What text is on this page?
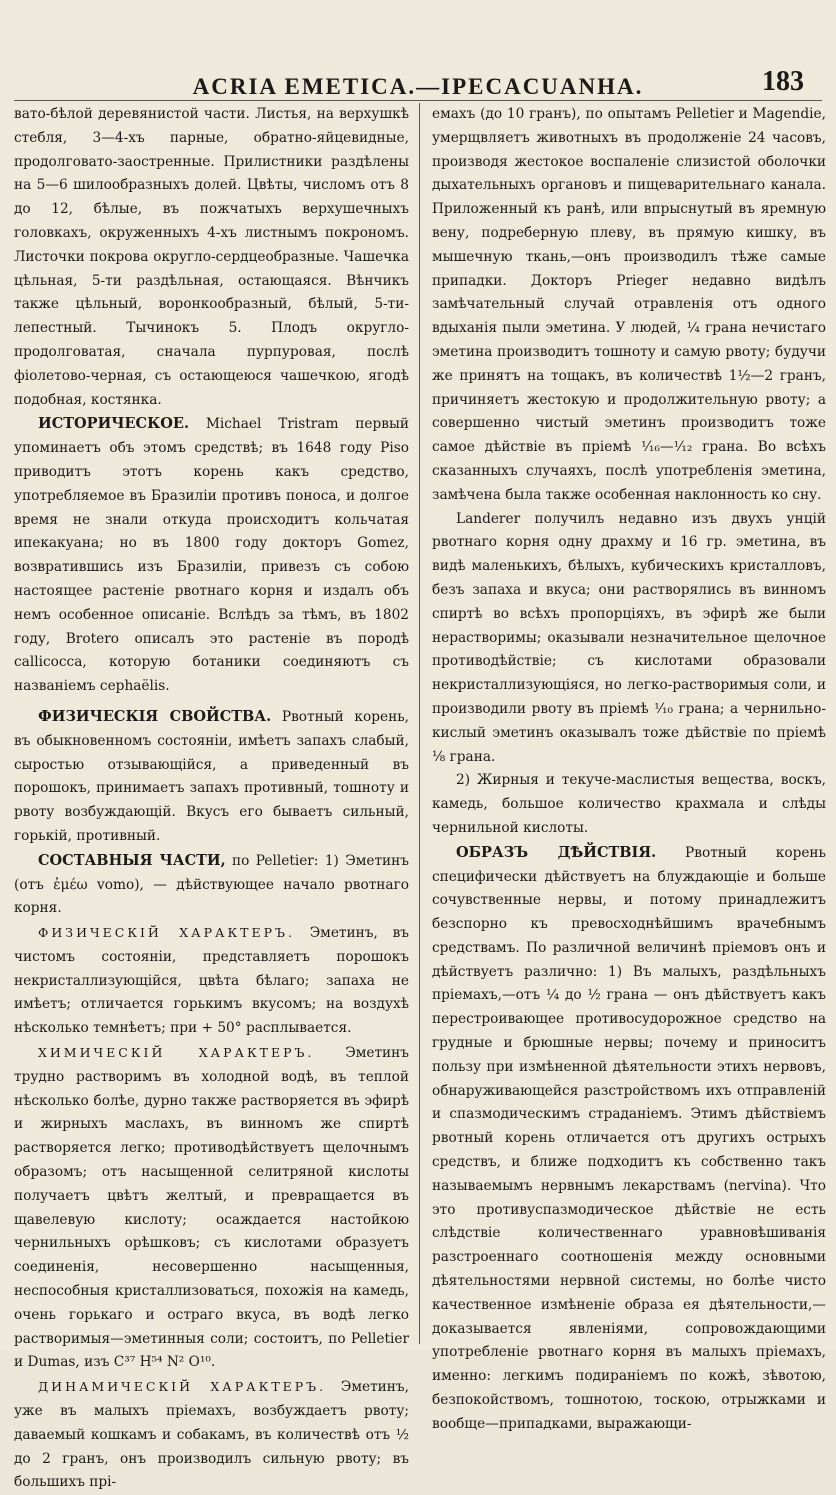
ACRIA EMETICA.—IPECACUANHA.	183

вато-бѣлой деревянистой части. Листья, на верхушкѣ стебля, 3—4-хъ парные, обратно-яйцевидные, продолговато-заостренные. Прилистники раздѣлены на 5—6 шилообразныхъ долей. Цвѣты, числомъ отъ 8 до 12, бѣлые, въ пожчатыхъ верхушечныхъ головкахъ, окруженныхъ 4-хъ листнымъ покрономъ. Листочки покрова округло-сердцеобразные. Чашечка цѣльная, 5-ти раздѣльная, остающаяся. Вѣнчикъ также цѣльный, воронкообразный, бѣлый, 5-ти-лепестный. Тычинокъ 5. Плодъ округло-продолговатая, сначала пурпуровая, послѣ фіолетово-черная, съ остающеюся чашечкою, ягодѣ подобная, костянка.

ИСТОРИЧЕСКОЕ. Michael Tristram первый упоминаетъ объ этомъ средствѣ; въ 1648 году Piso приводитъ этотъ корень какъ средство, употребляемое въ Бразиліи противъ поноса, и долгое время не знали откуда происходитъ кольчатая ипекакуана; но въ 1800 году докторъ Gomez, возвратившись изъ Бразиліи, привезъ съ собою настоящее растеніе рвотнаго корня и издалъ объ немъ особенное описаніе. Вслѣдъ за тѣмъ, въ 1802 году, Brotero описалъ это растеніе въ породѣ callicocca, которую ботаники соединяютъ съ названіемъ cephaëlis.

ФИЗИЧЕСКІЯ СВОЙСТВА. Рвотный корень, въ обыкновенномъ состояніи, имѣетъ запахъ слабый, сыростью отзывающійся, а приведенный въ порошокъ, принимаетъ запахъ противный, тошноту и рвоту возбуждающій. Вкусъ его бываетъ сильный, горькій, противный.

СОСТАВНЫЯ ЧАСТИ, по Pelletier: 1) Эметинъ (отъ ἐμέω vomo), — дѣйствующее начало рвотнаго корня.

ФИЗИЧЕСКІЙ ХАРАКТЕРЪ. Эметинъ, въ чистомъ состояніи, представляетъ порошокъ некристаллизующійся, цвѣта бѣлаго; запаха не имѣетъ; отличается горькимъ вкусомъ; на воздухѣ нѣсколько темнѣетъ; при + 50° расплывается.

ХИМИЧЕСКІЙ ХАРАКТЕРЪ. Эметинъ трудно растворимъ въ холодной водѣ, въ теплой нѣсколько болѣе, дурно также растворяется въ эфирѣ и жирныхъ маслахъ, въ винномъ же спиртѣ растворяется легко; противодѣйствуетъ щелочнымъ образомъ; отъ насыщенной селитряной кислоты получаетъ цвѣтъ желтый, и превращается въ щавелевую кислоту; осаждается настойкою чернильныхъ орѣшковъ; съ кислотами образуетъ соединенія, несовершенно насыщенныя, неспособныя кристаллизоваться, похожія на камедь, очень горькаго и остраго вкуса, въ водѣ легко растворимыя—эметинныя соли; состоитъ, по Pelletier и Dumas, изъ C³⁷ H⁵⁴ N² O¹⁰.

ДИНАМИЧЕСКІЙ ХАРАКТЕРЪ. Эметинъ, уже въ малыхъ пріемахъ, возбуждаетъ рвоту; даваемый кошкамъ и собакамъ, въ количествѣ отъ ½ до 2 гранъ, онъ производилъ сильную рвоту; въ большихъ прі-

емахъ (до 10 гранъ), по опытамъ Pelletier и Magendie, умерщвляетъ животныхъ въ продолженіе 24 часовъ, производя жестокое воспаленіе слизистой оболочки дыхательныхъ органовъ и пищеварительнаго канала. Приложенный къ ранѣ, или впрыснутый въ яремную вену, подреберную плеву, въ прямую кишку, въ мышечную ткань,—онъ производилъ тѣже самые припадки. Докторъ Prieger недавно видѣлъ замѣчательный случай отравленія отъ одного вдыханія пыли эметина. У людей, ¼ грана нечистаго эметина производитъ тошноту и самую рвоту; будучи же принятъ на тощакъ, въ количествѣ 1½—2 гранъ, причиняетъ жестокую и продолжительную рвоту; а совершенно чистый эметинъ производитъ тоже самое дѣйствіе въ пріемѣ ¹⁄₁₆—¹⁄₁₂ грана. Во всѣхъ сказанныхъ случаяхъ, послѣ употребленія эметина, замѣчена была также особенная наклонность ко сну.

Landerer получилъ недавно изъ двухъ унцій рвотнаго корня одну драхму и 16 гр. эметина, въ видѣ маленькихъ, бѣлыхъ, кубическихъ кристалловъ, безъ запаха и вкуса; они растворялись въ винномъ спиртѣ во всѣхъ пропорціяхъ, въ эфирѣ же были нерастворимы; оказывали незначительное щелочное противодѣйствіе; съ кислотами образовали некристаллизующіяся, но легко-растворимыя соли, и производили рвоту въ пріемѣ ¹⁄₁₀ грана; а чернильно-кислый эметинъ оказывалъ тоже дѣйствіе по пріемѣ ⅛ грана.

2) Жирныя и текуче-маслистыя вещества, воскъ, камедь, большое количество крахмала и слѣды чернильной кислоты.

ОБРАЗЪ ДѢЙСТВІЯ. Рвотный корень специфически дѣйствуетъ на блуждающіе и больше сочувственные нервы, и потому принадлежитъ безспорно къ превосходнѣйшимъ врачебнымъ средствамъ. По различной величинѣ пріемовъ онъ и дѣйствуетъ различно: 1) Въ малыхъ, раздѣльныхъ пріемахъ,—отъ ¼ до ½ грана — онъ дѣйствуетъ какъ перестроивающее противосудорожное средство на грудные и брюшные нервы; почему и приноситъ пользу при измѣненной дѣятельности этихъ нервовъ, обнаруживающейся разстройствомъ ихъ отправленій и спазмодическимъ страданіемъ. Этимъ дѣйствіемъ рвотный корень отличается отъ другихъ острыхъ средствъ, и ближе подходитъ къ собственно такъ называемымъ нервнымъ лекарствамъ (nervina). Что это противуспазмодическое дѣйствіе не есть слѣдствіе количественнаго уравновѣшиванія разстроеннаго соотношенія между основными дѣятельностями нервной системы, но болѣе чисто качественное измѣненіе образа ея дѣятельности,—доказывается явленіями, сопровождающими употребленіе рвотнаго корня въ малыхъ пріемахъ, именно: легкимъ подираніемъ по кожѣ, зѣвотою, безпокойствомъ, тошнотою, тоскою, отрыжками и вообще—припадками, выражающи-
